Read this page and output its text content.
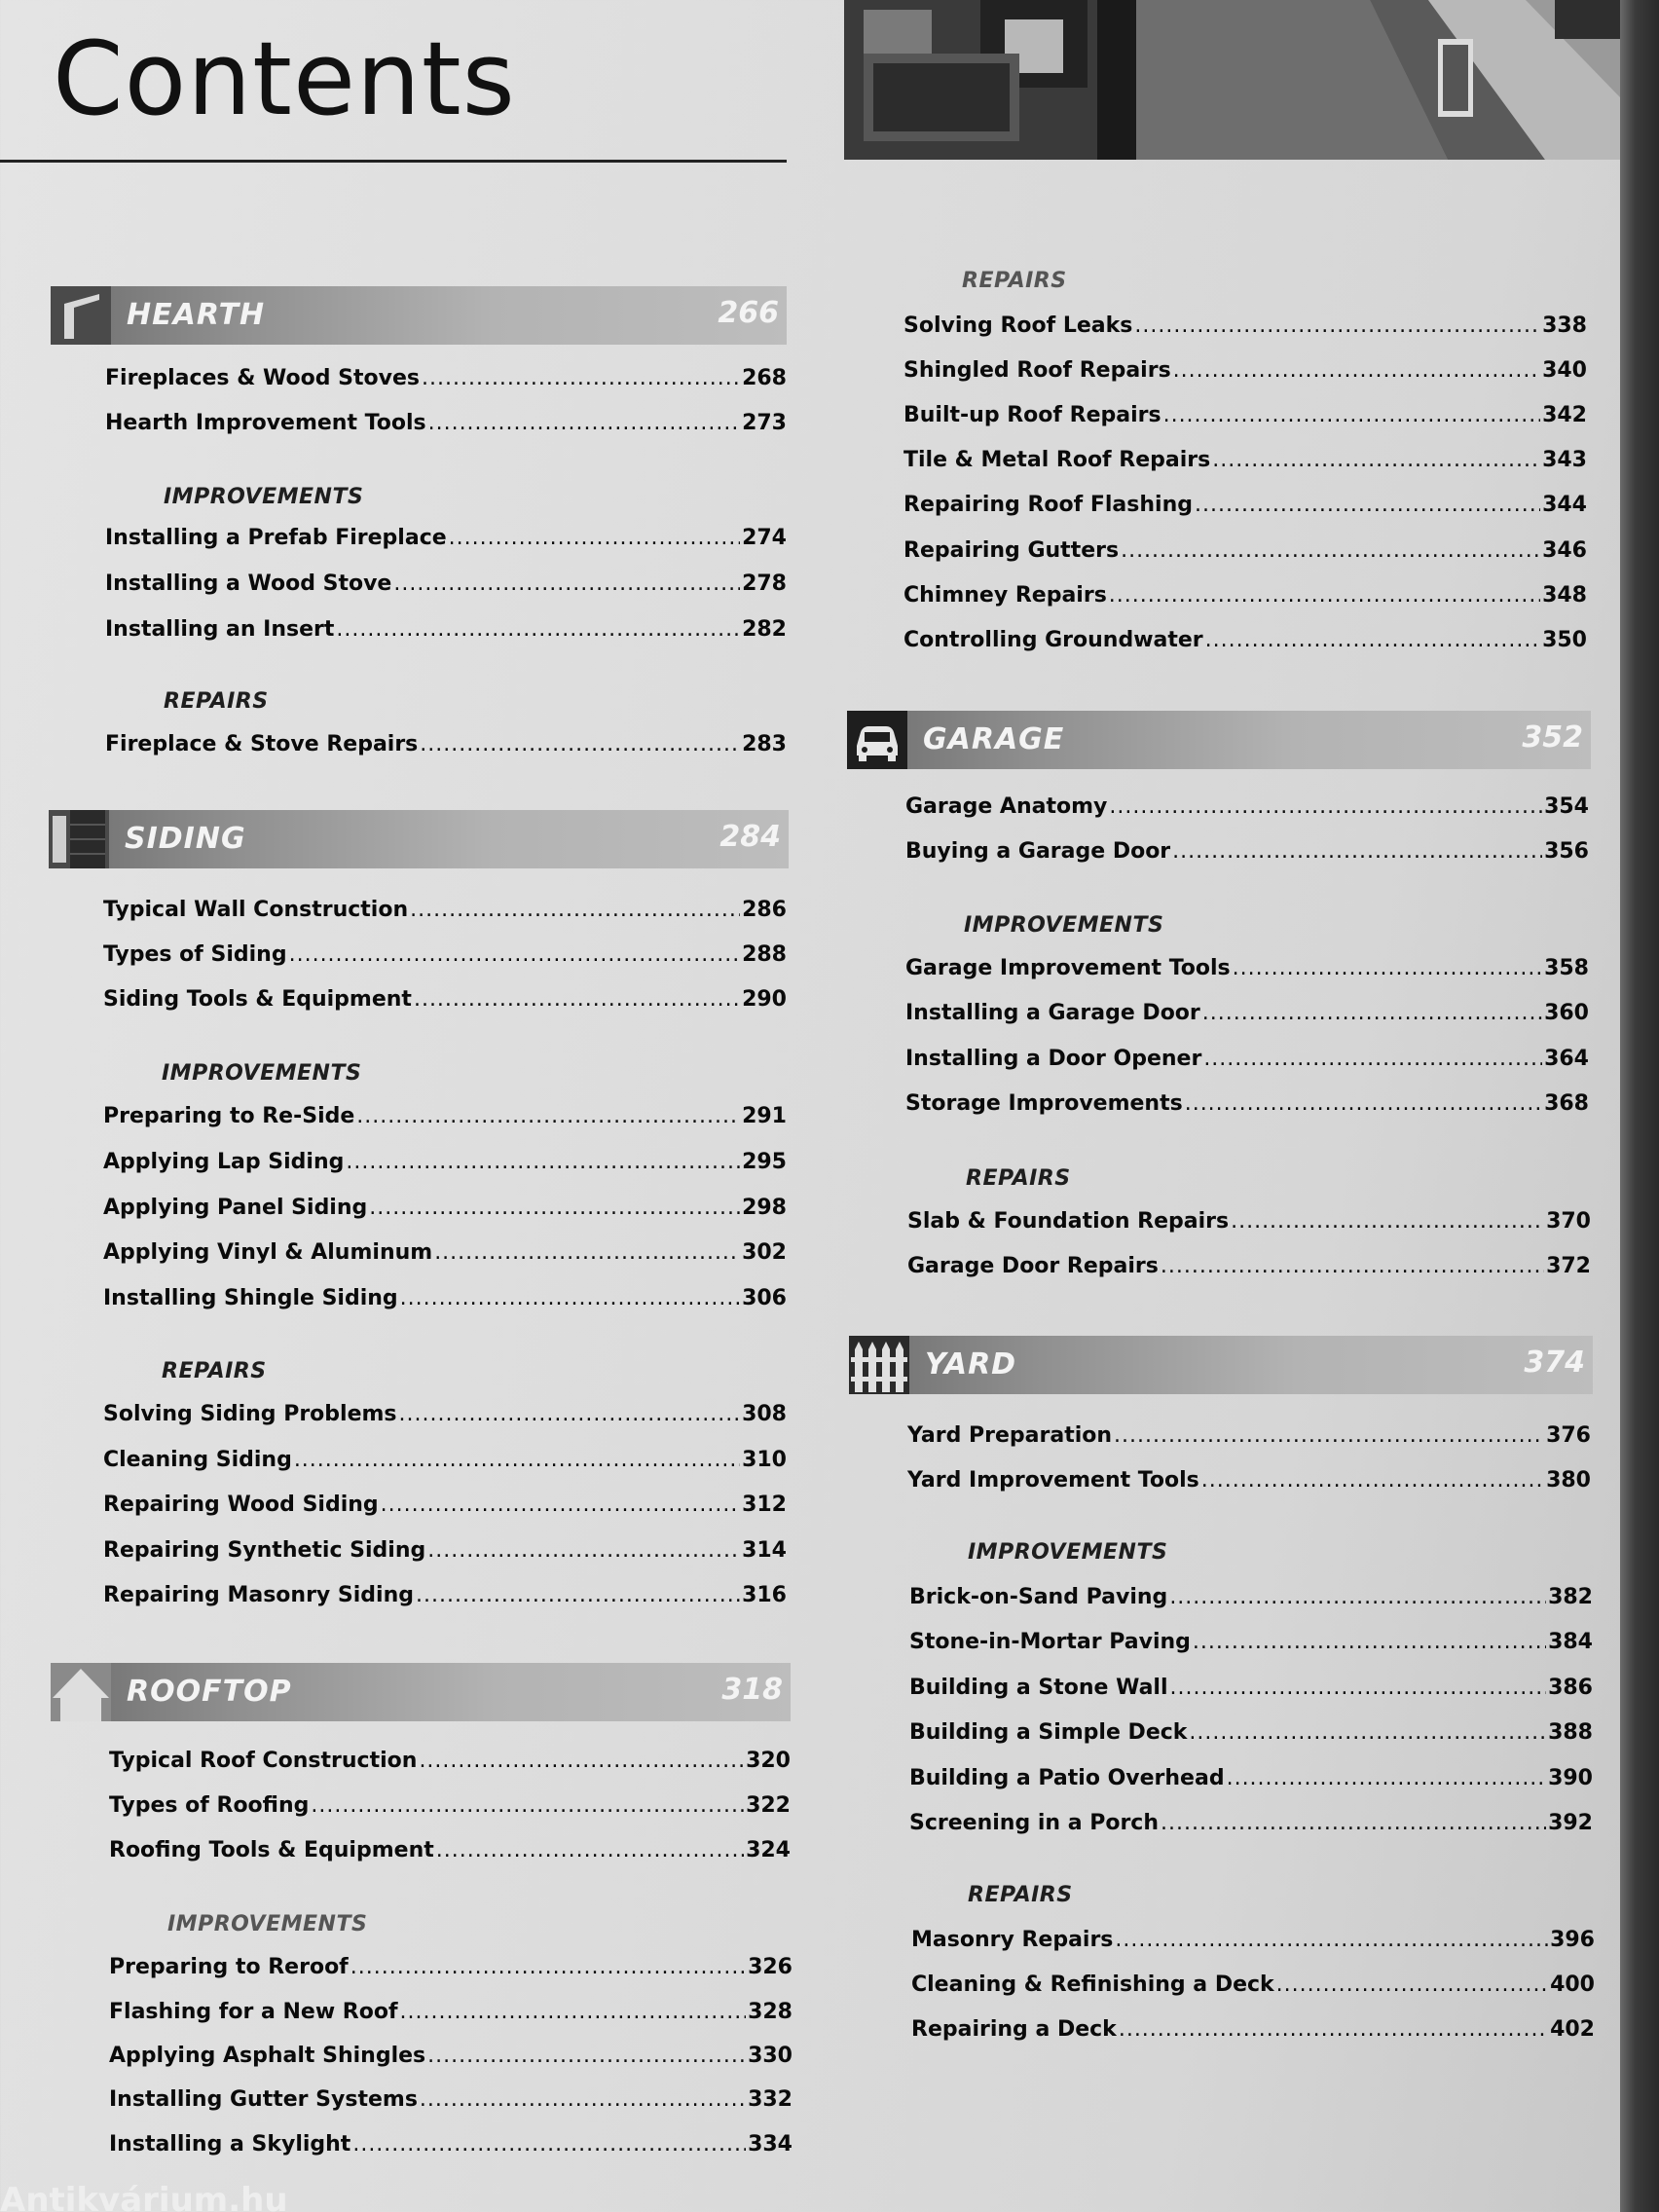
Contents
HEARTH	266
Fireplaces & Wood Stoves .....	268
Hearth Improvement Tools .....	273
IMPROVEMENTS
Installing a Prefab Fireplace .....	274
Installing a Wood Stove .....	278
Installing an Insert .....	282
REPAIRS
Fireplace & Stove Repairs .....	283
SIDING	284
Typical Wall Construction .....	286
Types of Siding .....	288
Siding Tools & Equipment .....	290
IMPROVEMENTS
Preparing to Re-Side .....	291
Applying Lap Siding .....	295
Applying Panel Siding .....	298
Applying Vinyl & Aluminum .....	302
Installing Shingle Siding .....	306
REPAIRS
Solving Siding Problems .....	308
Cleaning Siding .....	310
Repairing Wood Siding .....	312
Repairing Synthetic Siding .....	314
Repairing Masonry Siding .....	316
ROOFTOP	318
Typical Roof Construction .....	320
Types of Roofing .....	322
Roofing Tools & Equipment .....	324
IMPROVEMENTS
Preparing to Reroof .....	326
Flashing for a New Roof .....	328
Applying Asphalt Shingles .....	330
Installing Gutter Systems .....	332
Installing a Skylight .....	334
REPAIRS
Solving Roof Leaks .....	338
Shingled Roof Repairs .....	340
Built-up Roof Repairs .....	342
Tile & Metal Roof Repairs .....	343
Repairing Roof Flashing .....	344
Repairing Gutters .....	346
Chimney Repairs .....	348
Controlling Groundwater .....	350
GARAGE	352
Garage Anatomy .....	354
Buying a Garage Door .....	356
IMPROVEMENTS
Garage Improvement Tools .....	358
Installing a Garage Door .....	360
Installing a Door Opener .....	364
Storage Improvements .....	368
REPAIRS
Slab & Foundation Repairs .....	370
Garage Door Repairs .....	372
YARD	374
Yard Preparation .....	376
Yard Improvement Tools .....	380
IMPROVEMENTS
Brick-on-Sand Paving .....	382
Stone-in-Mortar Paving .....	384
Building a Stone Wall .....	386
Building a Simple Deck .....	388
Building a Patio Overhead .....	390
Screening in a Porch .....	392
REPAIRS
Masonry Repairs .....	396
Cleaning & Refinishing a Deck .....	400
Repairing a Deck .....	402
Antikvárium.hu
